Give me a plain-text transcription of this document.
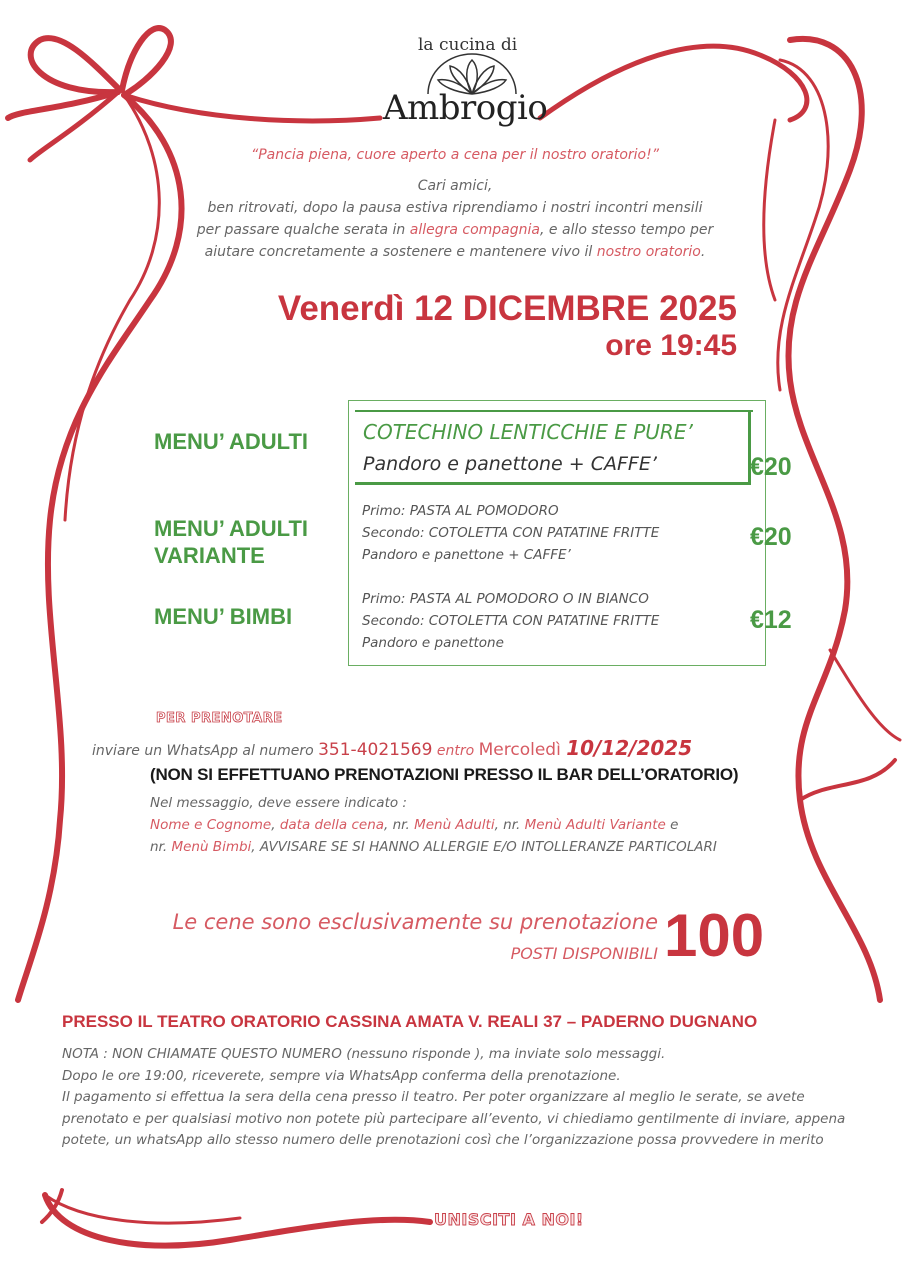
la cucina di
Ambrogio
“Pancia piena, cuore aperto a cena per il nostro oratorio!”
Cari amici,
ben ritrovati, dopo la pausa estiva riprendiamo i nostri incontri mensili
per passare qualche serata in allegra compagnia, e allo stesso tempo per
aiutare concretamente a sostenere e mantenere vivo il nostro oratorio.
Venerdì 12 DICEMBRE 2025
ore 19:45
MENU’ ADULTI	COTECHINO LENTICCHIE E PURE’
Pandoro e panettone + CAFFE’	€20
MENU’ ADULTI
VARIANTE
Primo: PASTA AL POMODORO
Secondo: COTOLETTA CON PATATINE FRITTE
Pandoro e panettone + CAFFE’
€20
MENU’ BIMBI
Primo: PASTA AL POMODORO O IN BIANCO
Secondo: COTOLETTA CON PATATINE FRITTE
Pandoro e panettone
€12
PER PRENOTARE
inviare un WhatsApp al numero 351-4021569 entro Mercoledì 10/12/2025
(NON SI EFFETTUANO PRENOTAZIONI PRESSO IL BAR DELL’ORATORIO)
Nel messaggio, deve essere indicato :
Nome e Cognome, data della cena, nr. Menù Adulti, nr. Menù Adulti Variante e
nr. Menù Bimbi, AVVISARE SE SI HANNO ALLERGIE E/O INTOLLERANZE PARTICOLARI
Le cene sono esclusivamente su prenotazione
POSTI DISPONIBILI 100
PRESSO IL TEATRO ORATORIO CASSINA AMATA V. REALI 37 – PADERNO DUGNANO
NOTA : NON CHIAMATE QUESTO NUMERO (nessuno risponde ), ma inviate solo messaggi.
Dopo le ore 19:00, riceverete, sempre via WhatsApp conferma della prenotazione.
Il pagamento si effettua la sera della cena presso il teatro. Per poter organizzare al meglio le serate, se avete prenotato e per qualsiasi motivo non potete più partecipare all’evento, vi chiediamo gentilmente di inviare, appena potete, un whatsApp allo stesso numero delle prenotazioni così che l’organizzazione possa provvedere in merito
UNISCITI A NOI!
